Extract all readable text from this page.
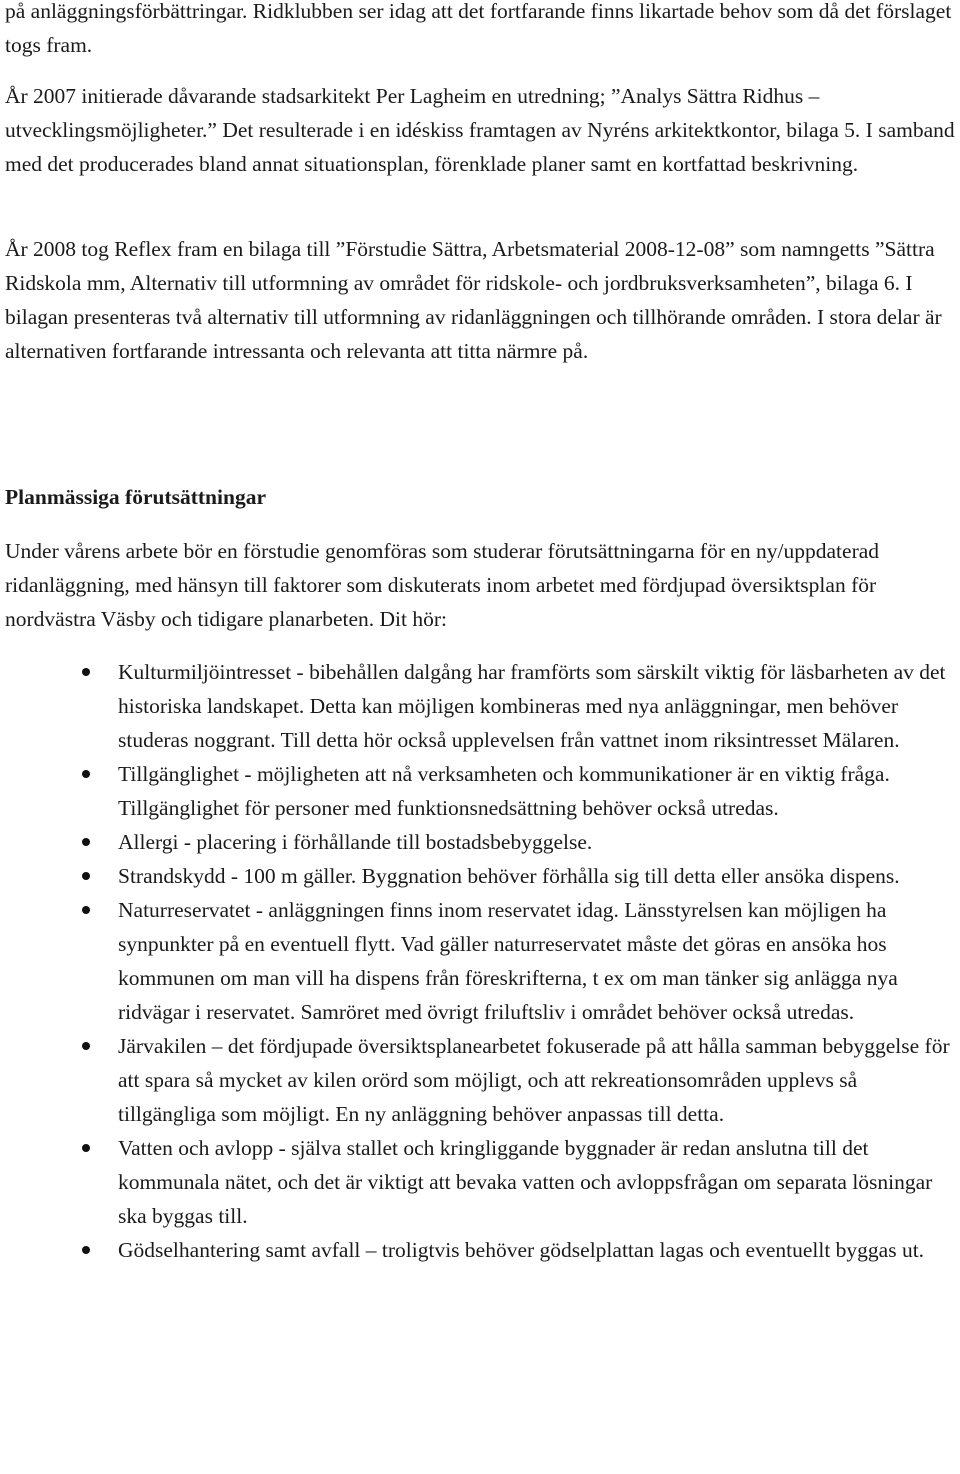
på anläggningsförbättringar. Ridklubben ser idag att det fortfarande finns likartade behov som då det förslaget togs fram.

År 2007 initierade dåvarande stadsarkitekt Per Lagheim en utredning; ”Analys Sättra Ridhus – utvecklingsmöjligheter.” Det resulterade i en idéskiss framtagen av Nyréns arkitektkontor, bilaga 5. I samband med det producerades bland annat situationsplan, förenklade planer samt en kortfattad beskrivning.

År 2008 tog Reflex fram en bilaga till ”Förstudie Sättra, Arbetsmaterial 2008-12-08” som namngetts ”Sättra Ridskola mm, Alternativ till utformning av området för ridskole- och jordbruksverksamheten”, bilaga 6. I bilagan presenteras två alternativ till utformning av ridanläggningen och tillhörande områden. I stora delar är alternativen fortfarande intressanta och relevanta att titta närmre på.

Planmässiga förutsättningar

Under vårens arbete bör en förstudie genomföras som studerar förutsättningarna för en ny/uppdaterad ridanläggning, med hänsyn till faktorer som diskuterats inom arbetet med fördjupad översiktsplan för nordvästra Väsby och tidigare planarbeten. Dit hör:

Kulturmiljöintresset - bibehållen dalgång har framförts som särskilt viktig för läsbarheten av det historiska landskapet. Detta kan möjligen kombineras med nya anläggningar, men behöver studeras noggrant. Till detta hör också upplevelsen från vattnet inom riksintresset Mälaren.
Tillgänglighet - möjligheten att nå verksamheten och kommunikationer är en viktig fråga. Tillgänglighet för personer med funktionsnedsättning behöver också utredas.
Allergi - placering i förhållande till bostadsbebyggelse.
Strandskydd - 100 m gäller. Byggnation behöver förhålla sig till detta eller ansöka dispens.
Naturreservatet - anläggningen finns inom reservatet idag. Länsstyrelsen kan möjligen ha synpunkter på en eventuell flytt. Vad gäller naturreservatet måste det göras en ansöka hos kommunen om man vill ha dispens från föreskrifterna, t ex om man tänker sig anlägga nya ridvägar i reservatet. Samröret med övrigt friluftsliv i området behöver också utredas.
Järvakilen – det fördjupade översiktsplanearbetet fokuserade på att hålla samman bebyggelse för att spara så mycket av kilen orörd som möjligt, och att rekreationsområden upplevs så tillgängliga som möjligt. En ny anläggning behöver anpassas till detta.
Vatten och avlopp - själva stallet och kringliggande byggnader är redan anslutna till det kommunala nätet, och det är viktigt att bevaka vatten och avloppsfrågan om separata lösningar ska byggas till.
Gödselhantering samt avfall – troligtvis behöver gödselplattan lagas och eventuellt byggas ut.
